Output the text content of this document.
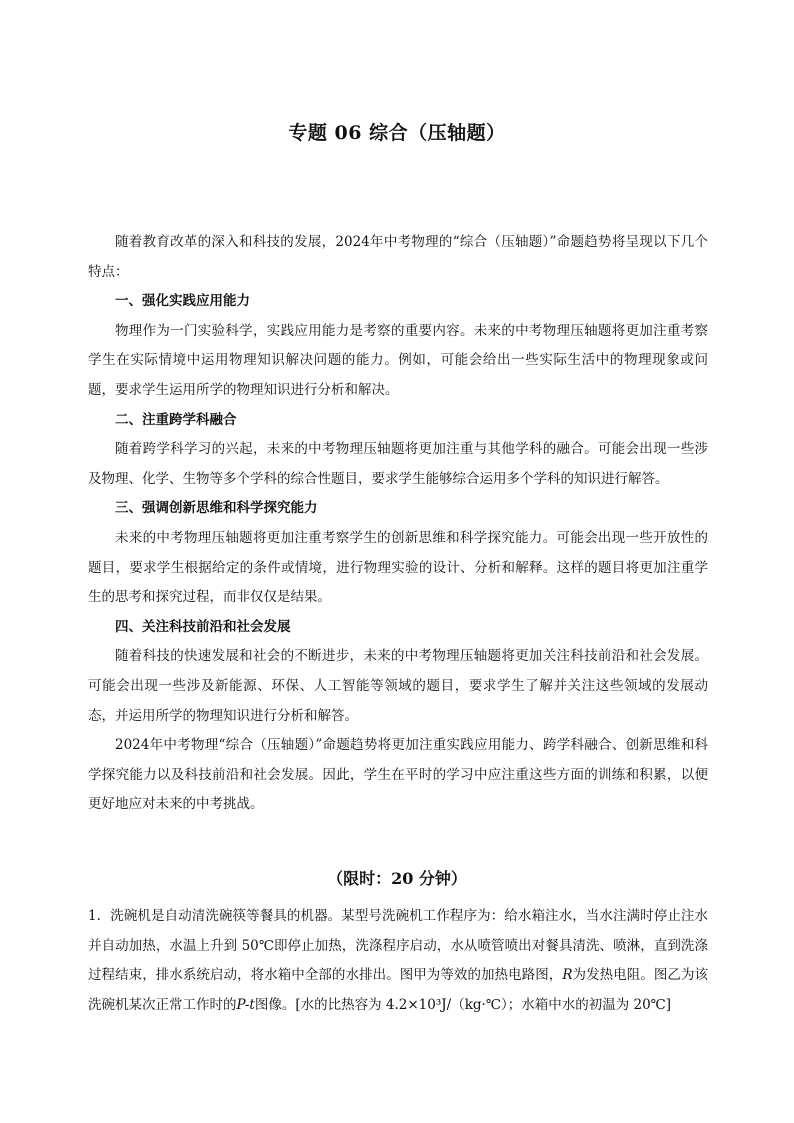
专题 06 综合（压轴题）

随着教育改革的深入和科技的发展，2024年中考物理的“综合（压轴题）”命题趋势将呈现以下几个特点：

一、强化实践应用能力

物理作为一门实验科学，实践应用能力是考察的重要内容。未来的中考物理压轴题将更加注重考察学生在实际情境中运用物理知识解决问题的能力。例如，可能会给出一些实际生活中的物理现象或问题，要求学生运用所学的物理知识进行分析和解决。

二、注重跨学科融合

随着跨学科学习的兴起，未来的中考物理压轴题将更加注重与其他学科的融合。可能会出现一些涉及物理、化学、生物等多个学科的综合性题目，要求学生能够综合运用多个学科的知识进行解答。

三、强调创新思维和科学探究能力

未来的中考物理压轴题将更加注重考察学生的创新思维和科学探究能力。可能会出现一些开放性的题目，要求学生根据给定的条件或情境，进行物理实验的设计、分析和解释。这样的题目将更加注重学生的思考和探究过程，而非仅仅是结果。

四、关注科技前沿和社会发展

随着科技的快速发展和社会的不断进步，未来的中考物理压轴题将更加关注科技前沿和社会发展。可能会出现一些涉及新能源、环保、人工智能等领域的题目，要求学生了解并关注这些领域的发展动态，并运用所学的物理知识进行分析和解答。

2024年中考物理“综合（压轴题）”命题趋势将更加注重实践应用能力、跨学科融合、创新思维和科学探究能力以及科技前沿和社会发展。因此，学生在平时的学习中应注重这些方面的训练和积累，以便更好地应对未来的中考挑战。

（限时：20 分钟）
1．洗碗机是自动清洗碗筷等餐具的机器。某型号洗碗机工作程序为：给水箱注水，当水注满时停止注水并自动加热，水温上升到 50℃即停止加热，洗涤程序启动，水从喷管喷出对餐具清洗、喷淋，直到洗涤过程结束，排水系统启动，将水箱中全部的水排出。图甲为等效的加热电路图，R为发热电阻。图乙为该洗碗机某次正常工作时的P-t图像。[水的比热容为 4.2×10³J/（kg·℃）；水箱中水的初温为 20℃]
